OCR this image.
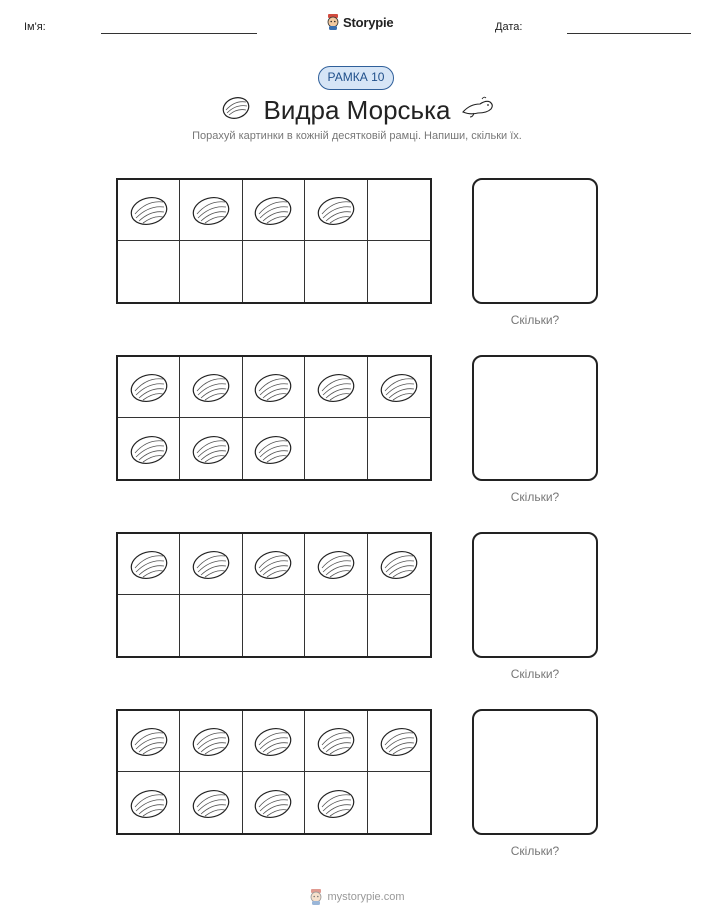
Ім'я:	Storypie	Дата:
РАМКА 10
Видра Морська
Порахуй картинки в кожній десятковій рамці. Напиши, скільки їх.
Скільки?
Скільки?
Скільки?
Скільки?
mystorypie.com
